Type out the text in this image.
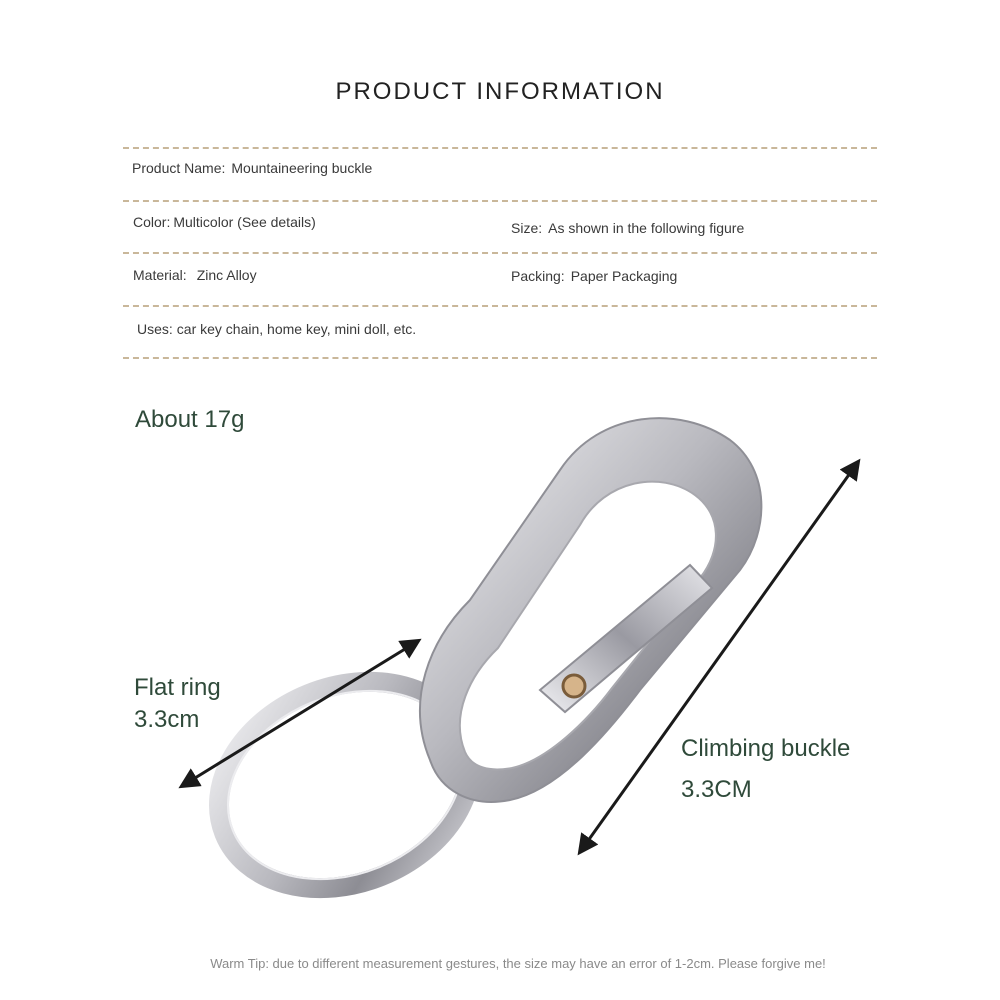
PRODUCT INFORMATION
Product Name: Mountaineering buckle
Color: Multicolor (See details)	Size: As shown in the following figure
Material: Zinc Alloy	Packing: Paper Packaging
Uses: car key chain, home key, mini doll, etc.
About 17g
Flat ring
3.3cm
Climbing buckle
3.3CM
Warm Tip: due to different measurement gestures, the size may have an error of 1-2cm. Please forgive me!
